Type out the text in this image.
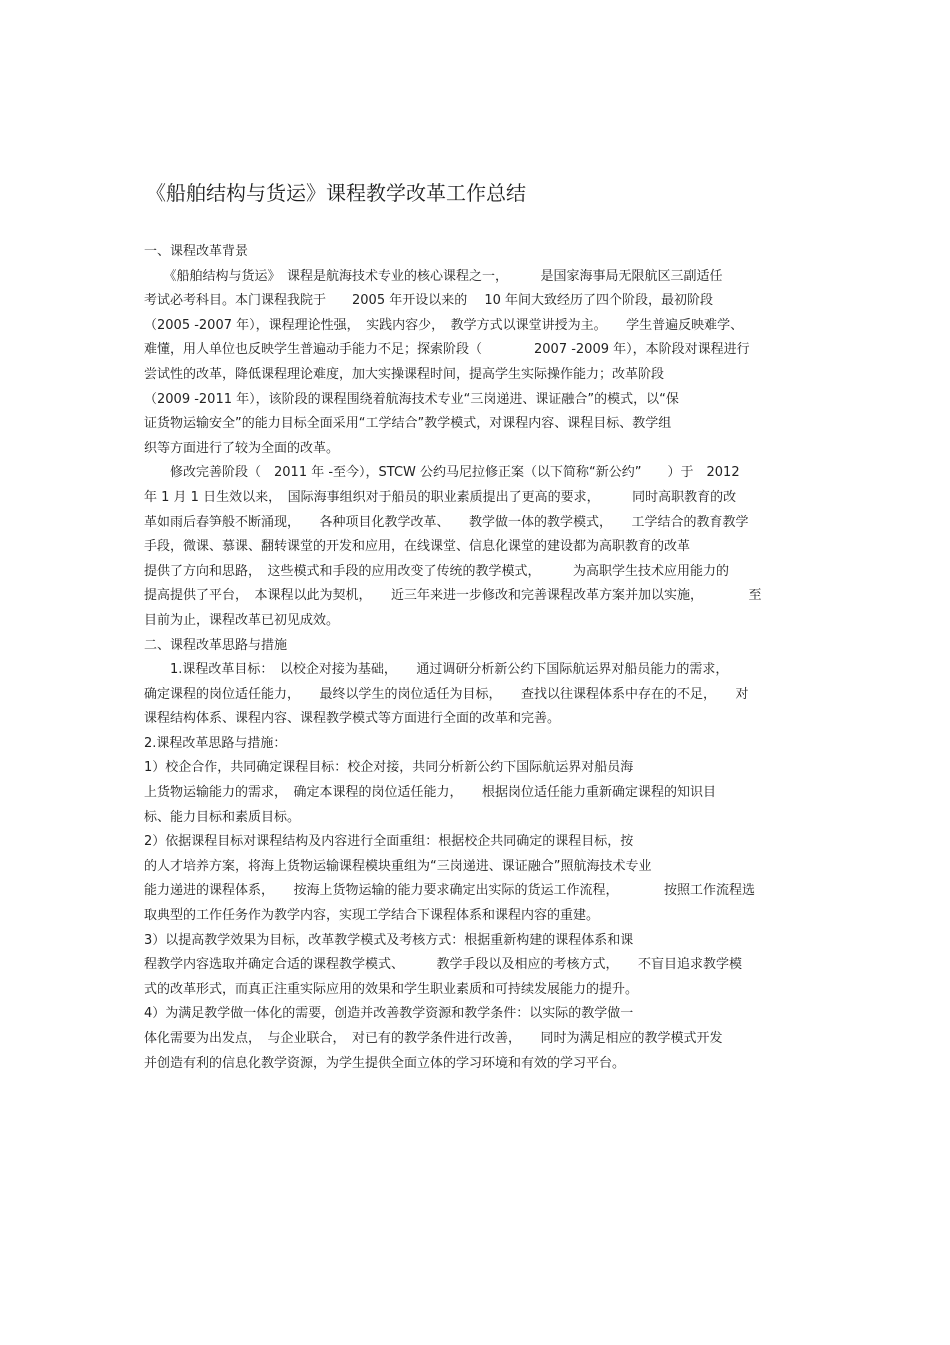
《船舶结构与货运》课程教学改革工作总结
一、课程改革背景
　　《船舶结构与货运》　课程是航海技术专业的核心课程之一，　　　是国家海事局无限航区三副适任
考试必考科目。本门课程我院于　　2005 年开设以来的　 10 年间大致经历了四个阶段，最初阶段
（2005 -2007 年），课程理论性强，　实践内容少，　教学方式以课堂讲授为主。　　学生普遍反映难学、
难懂，用人单位也反映学生普遍动手能力不足；探索阶段（　　　　2007 -2009 年），本阶段对课程进行
尝试性的改革，降低课程理论难度，加大实操课程时间，提高学生实际操作能力；改革阶段
（2009 -2011 年），该阶段的课程围绕着航海技术专业“三岗递进、课证融合”的模式，以“保
证货物运输安全”的能力目标全面采用“工学结合”教学模式，对课程内容、课程目标、教学组
织等方面进行了较为全面的改革。
　　修改完善阶段（　2011 年 -至今），STCW 公约马尼拉修正案（以下简称“新公约”　　）于　2012
年 1 月 1 日生效以来，　国际海事组织对于船员的职业素质提出了更高的要求，　　　同时高职教育的改
革如雨后春笋般不断涌现，　　各种项目化教学改革、　　教学做一体的教学模式，　　工学结合的教育教学
手段，微课、慕课、翻转课堂的开发和应用，在线课堂、信息化课堂的建设都为高职教育的改革
提供了方向和思路，　这些模式和手段的应用改变了传统的教学模式，　　　为高职学生技术应用能力的
提高提供了平台，　本课程以此为契机，　　近三年来进一步修改和完善课程改革方案并加以实施，　　　　至
目前为止，课程改革已初见成效。
二、课程改革思路与措施
　　1.课程改革目标：　以校企对接为基础，　　通过调研分析新公约下国际航运界对船员能力的需求，
确定课程的岗位适任能力，　　最终以学生的岗位适任为目标，　　查找以往课程体系中存在的不足，　　对
课程结构体系、课程内容、课程教学模式等方面进行全面的改革和完善。
2.课程改革思路与措施：
1）校企合作，共同确定课程目标：校企对接，共同分析新公约下国际航运界对船员海
上货物运输能力的需求，　确定本课程的岗位适任能力，　　根据岗位适任能力重新确定课程的知识目
标、能力目标和素质目标。
2）依据课程目标对课程结构及内容进行全面重组：根据校企共同确定的课程目标，按
的人才培养方案，将海上货物运输课程模块重组为“三岗递进、课证融合”照航海技术专业
能力递进的课程体系，　　按海上货物运输的能力要求确定出实际的货运工作流程，　　　　按照工作流程选
取典型的工作任务作为教学内容，实现工学结合下课程体系和课程内容的重建。
3）以提高教学效果为目标，改革教学模式及考核方式：根据重新构建的课程体系和课
程教学内容选取并确定合适的课程教学模式、　　　教学手段以及相应的考核方式，　　不盲目追求教学模
式的改革形式，而真正注重实际应用的效果和学生职业素质和可持续发展能力的提升。
4）为满足教学做一体化的需要，创造并改善教学资源和教学条件：以实际的教学做一
体化需要为出发点，　与企业联合，　对已有的教学条件进行改善，　　同时为满足相应的教学模式开发
并创造有利的信息化教学资源，为学生提供全面立体的学习环境和有效的学习平台。
